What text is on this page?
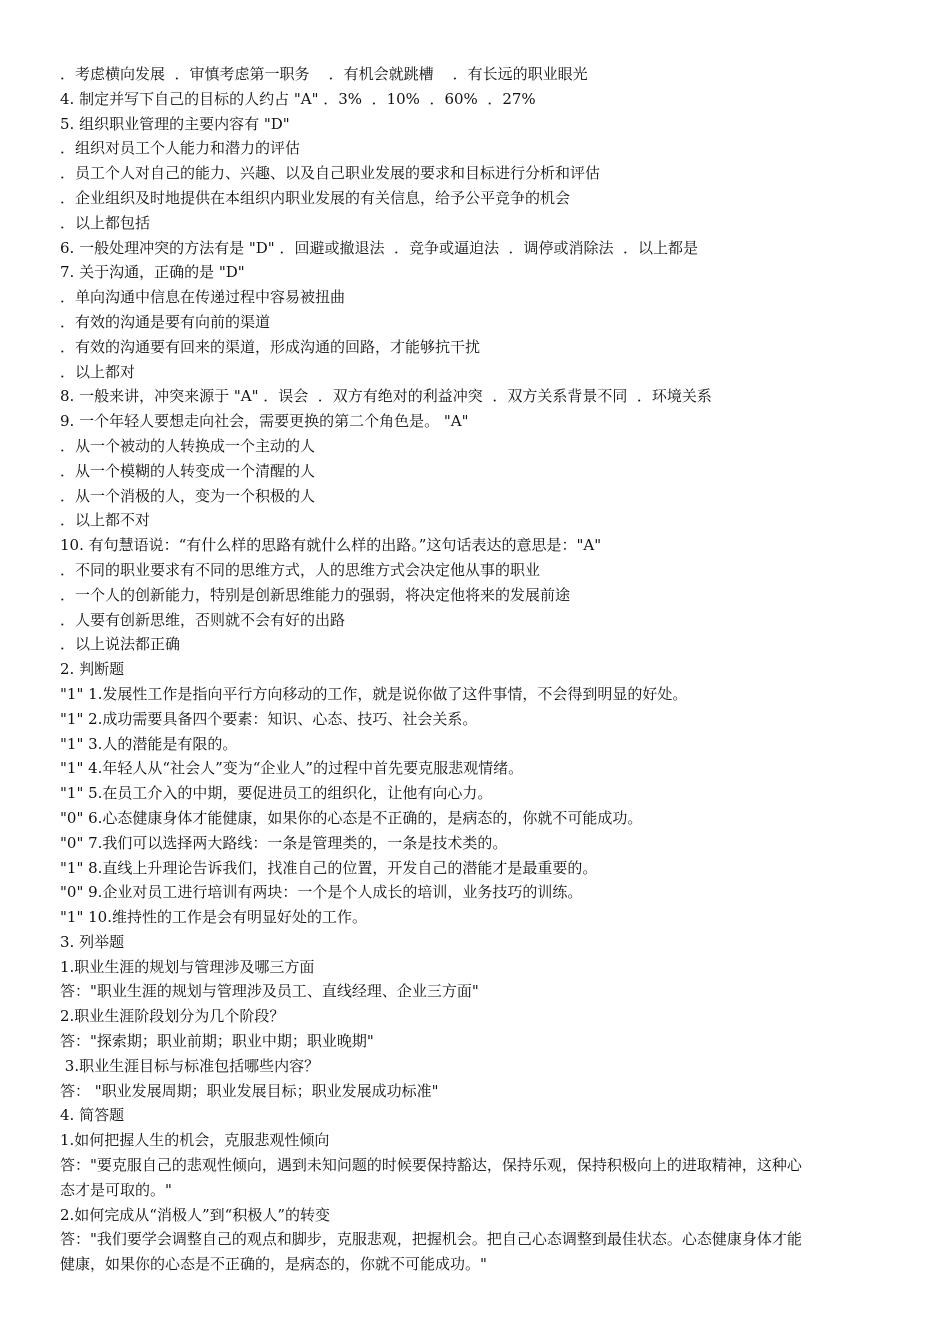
．考虑横向发展  ．审慎考虑第一职务    ．有机会就跳槽    ．有长远的职业眼光

4. 制定并写下自己的目标的人约占 "A" ．3%  ．10%  ．60%  ．27%

5. 组织职业管理的主要内容有 "D"

．组织对员工个人能力和潜力的评估

．员工个人对自己的能力、兴趣、以及自己职业发展的要求和目标进行分析和评估

．企业组织及时地提供在本组织内职业发展的有关信息，给予公平竞争的机会

．以上都包括

6. 一般处理冲突的方法有是 "D" ．回避或撤退法  ．竞争或逼迫法  ．调停或消除法  ．以上都是

7. 关于沟通，正确的是 "D"

．单向沟通中信息在传递过程中容易被扭曲

．有效的沟通是要有向前的渠道

．有效的沟通要有回来的渠道，形成沟通的回路，才能够抗干扰

．以上都对

8. 一般来讲，冲突来源于 "A" ．误会  ．双方有绝对的利益冲突  ．双方关系背景不同  ．环境关系

9. 一个年轻人要想走向社会，需要更换的第二个角色是。 "A"

．从一个被动的人转换成一个主动的人

．从一个模糊的人转变成一个清醒的人

．从一个消极的人，变为一个积极的人

．以上都不对

10. 有句慧语说：“有什么样的思路有就什么样的出路。”这句话表达的意思是："A"

．不同的职业要求有不同的思维方式，人的思维方式会决定他从事的职业

．一个人的创新能力，特别是创新思维能力的强弱，将决定他将来的发展前途

．人要有创新思维，否则就不会有好的出路

．以上说法都正确

2. 判断题

"1" 1.发展性工作是指向平行方向移动的工作，就是说你做了这件事情，不会得到明显的好处。

"1" 2.成功需要具备四个要素：知识、心态、技巧、社会关系。

"1" 3.人的潜能是有限的。

"1" 4.年轻人从“社会人”变为“企业人”的过程中首先要克服悲观情绪。

"1" 5.在员工介入的中期，要促进员工的组织化，让他有向心力。

"0" 6.心态健康身体才能健康，如果你的心态是不正确的，是病态的，你就不可能成功。

"0" 7.我们可以选择两大路线：一条是管理类的，一条是技术类的。

"1" 8.直线上升理论告诉我们，找准自己的位置，开发自己的潜能才是最重要的。

"0" 9.企业对员工进行培训有两块：一个是个人成长的培训，业务技巧的训练。

"1" 10.维持性的工作是会有明显好处的工作。

3. 列举题

1.职业生涯的规划与管理涉及哪三方面

答："职业生涯的规划与管理涉及员工、直线经理、企业三方面"

2.职业生涯阶段划分为几个阶段？

答："探索期；职业前期；职业中期；职业晚期"

3.职业生涯目标与标准包括哪些内容？

答： "职业发展周期；职业发展目标；职业发展成功标准"

4. 简答题

1.如何把握人生的机会，克服悲观性倾向

答："要克服自己的悲观性倾向，遇到未知问题的时候要保持豁达，保持乐观，保持积极向上的进取精神，这种心

态才是可取的。"

2.如何完成从“消极人”到“积极人”的转变

答："我们要学会调整自己的观点和脚步，克服悲观，把握机会。把自己心态调整到最佳状态。心态健康身体才能

健康，如果你的心态是不正确的，是病态的，你就不可能成功。"
